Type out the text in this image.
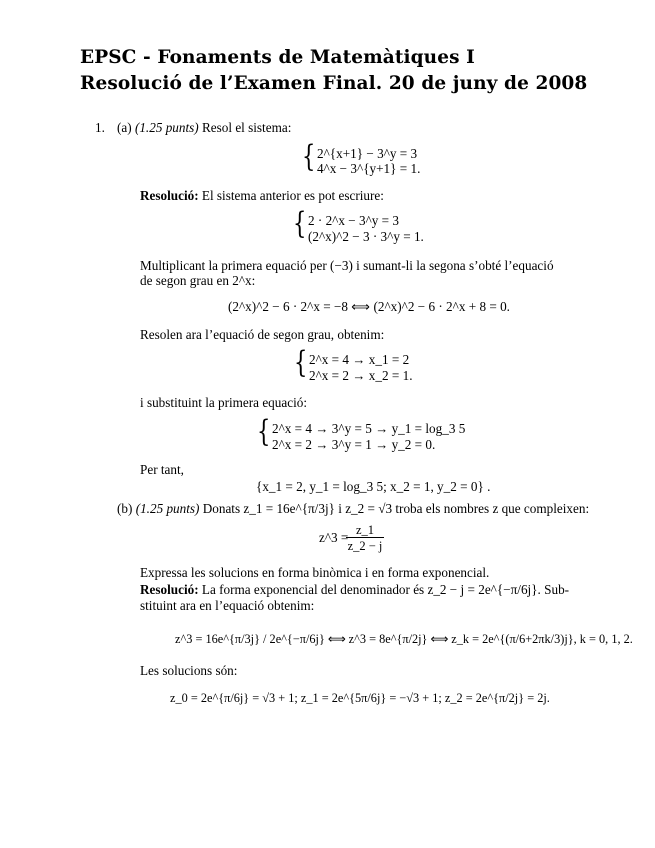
EPSC - Fonaments de Matemàtiques I
Resolució de l’Examen Final. 20 de juny de 2008
1. (a) (1.25 punts) Resol el sistema:
{ 2^{x+1} − 3^y = 3
4^x − 3^{y+1} = 1.
Resolució: El sistema anterior es pot escriure:
{ 2 · 2^x − 3^y = 3
(2^x)^2 − 3 · 3^y = 1.
Multiplicant la primera equació per (−3) i sumant-li la segona s’obté l’equació
de segon grau en 2^x:
(2^x)^2 − 6 · 2^x = −8 ⟺ (2^x)^2 − 6 · 2^x + 8 = 0.
Resolen ara l’equació de segon grau, obtenim:
{ 2^x = 4 → x_1 = 2
2^x = 2 → x_2 = 1.
i substituint la primera equació:
{ 2^x = 4 → 3^y = 5 → y_1 = log_3 5
2^x = 2 → 3^y = 1 → y_2 = 0.
Per tant,
{x_1 = 2, y_1 = log_3 5; x_2 = 1, y_2 = 0} .
(b) (1.25 punts) Donats z_1 = 16e^{π/3j} i z_2 = √3 troba els nombres z que compleixen:
z^3 =
$\frac{z\_1}{z\_2 - j}$
Expressa les solucions en forma binòmica i en forma exponencial.
Resolució: La forma exponencial del denominador és z_2 − j = 2e^{−π/6j}. Sub-
stituint ara en l’equació obtenim:
z^3 = 16e^{π/3j} / 2e^{−π/6j} ⟺ z^3 = 8e^{π/2j} ⟺ z_k = 2e^{(π/6+2πk/3)j}, k = 0, 1, 2.
Les solucions són:
z_0 = 2e^{π/6j} = √3 + 1; z_1 = 2e^{5π/6j} = −√3 + 1; z_2 = 2e^{π/2j} = 2j.
